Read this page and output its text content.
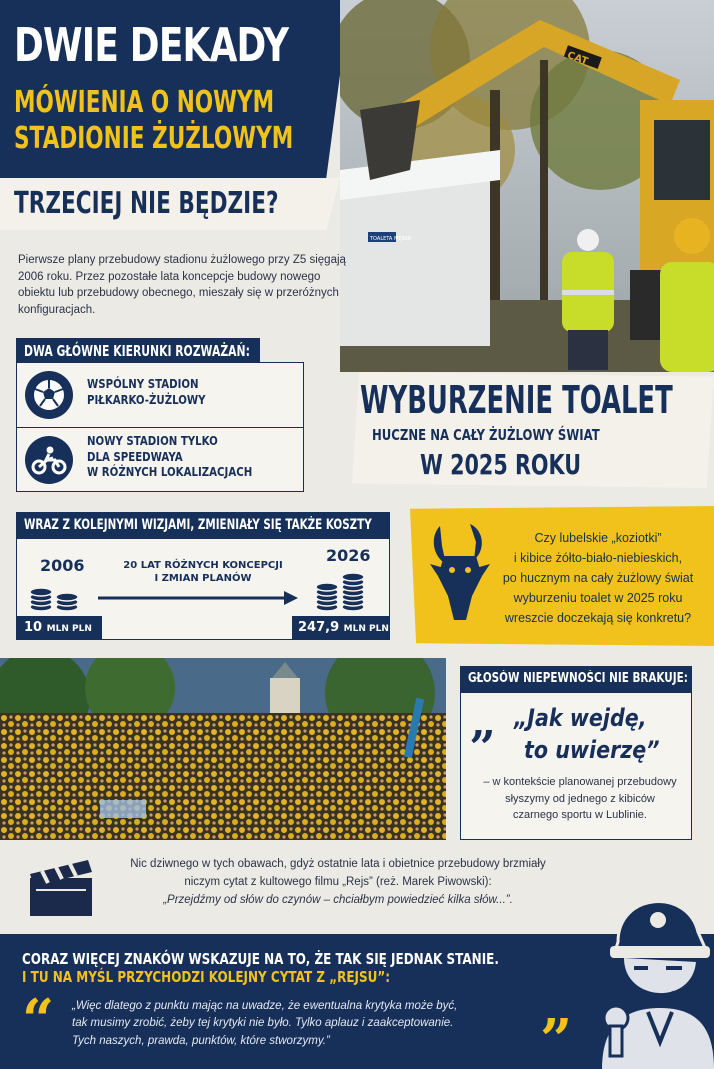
DWIE DEKADY
MÓWIENIA O NOWYM
STADIONIE ŻUŻLOWYM
TRZECIEJ NIE BĘDZIE?
TOALETA MĘSKA
CAT
Pierwsze plany przebudowy stadionu żużlowego przy Z5 sięgają 2006 roku. Przez pozostałe lata koncepcje budowy nowego obiektu lub przebudowy obecnego, mieszały się w przeróżnych konfiguracjach.
DWA GŁÓWNE KIERUNKI ROZWAŻAŃ:
WSPÓLNY STADION
PIŁKARKO-ŻUŻLOWY
NOWY STADION TYLKO
DLA SPEEDWAYA
W RÓŻNYCH LOKALIZACJACH
WYBURZENIE TOALET
HUCZNE NA CAŁY ŻUŻLOWY ŚWIAT
W 2025 ROKU
WRAZ Z KOLEJNYMI WIZJAMI, ZMIENIAŁY SIĘ TAKŻE KOSZTY
2006
2026
20 LAT RÓŻNYCH KONCEPCJI
I ZMIAN PLANÓW
10 MLN PLN	247,9 MLN PLN
Czy lubelskie „koziotki”
i kibice żółto-biało-niebieskich,
po hucznym na cały żużlowy świat
wyburzeniu toalet w 2025 roku
wreszcie doczekają się konkretu?
GŁOSÓW NIEPEWNOŚCI NIE BRAKUJE:
„ „Jak wejdę,
to uwierzę”
– w kontekście planowanej przebudowy
słyszymy od jednego z kibiców
czarnego sportu w Lublinie.
Nic dziwnego w tych obawach, gdyż ostatnie lata i obietnice przebudowy brzmiały
niczym cytat z kultowego filmu „Rejs” (reż. Marek Piwowski):
„Przejdźmy od słów do czynów – chciałbym powiedzieć kilka słów...”.
CORAZ WIĘCEJ ZNAKÓW WSKAZUJE NA TO, ŻE TAK SIĘ JEDNAK STANIE.
I TU NA MYŚL PRZYCHODZI KOLEJNY CYTAT Z „REJSU”:
“ „Więc dlatego z punktu mając na uwadze, że ewentualna krytyka może być,
tak musimy zrobić, żeby tej krytyki nie było. Tylko aplauz i zaakceptowanie.
Tych naszych, prawda, punktów, które stworzymy.”	”
